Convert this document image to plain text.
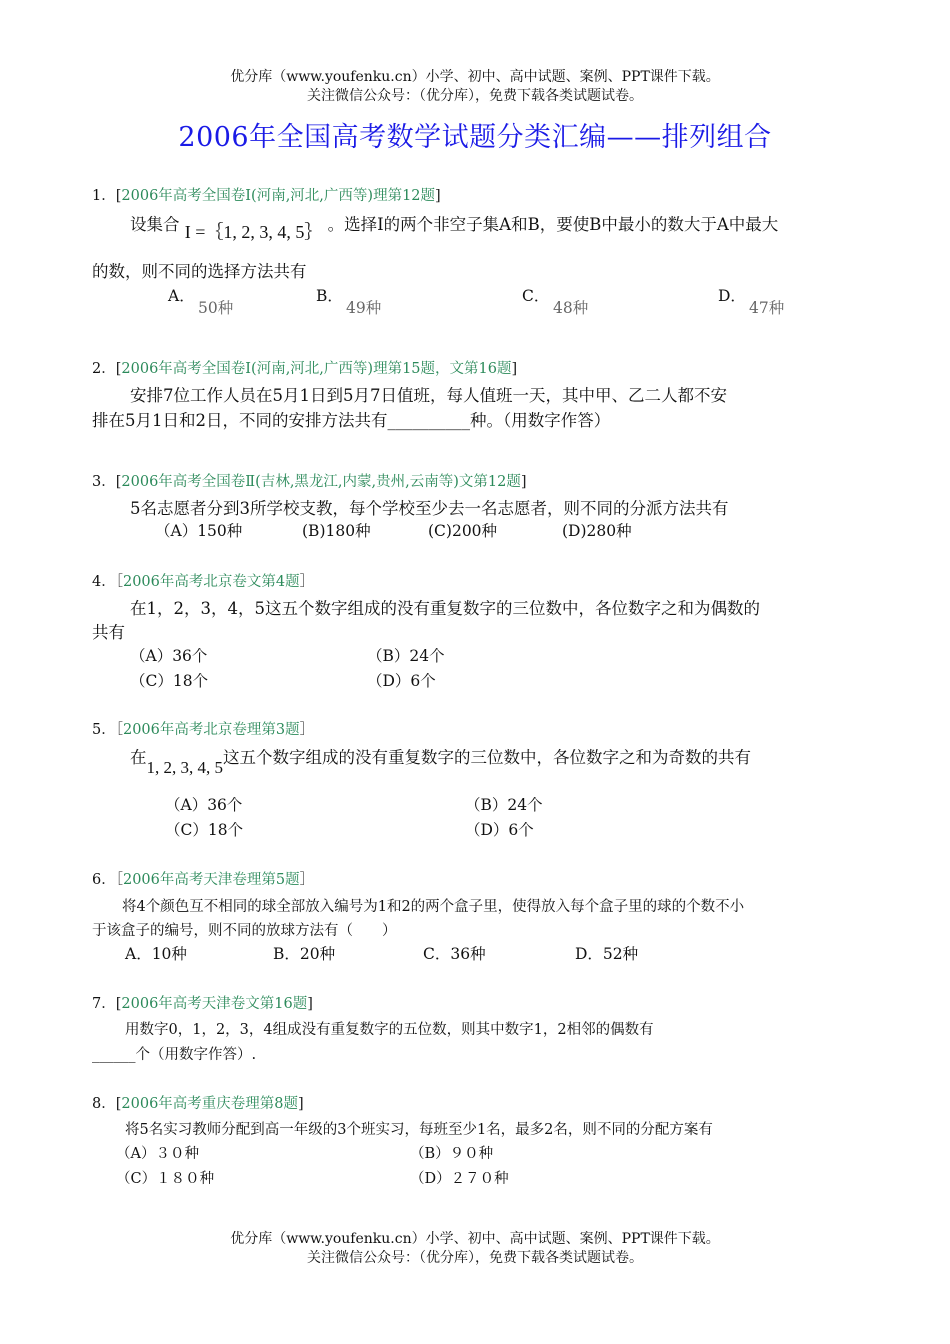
优分库（www.youfenku.cn）小学、初中、高中试题、案例、PPT课件下载。
关注微信公众号：（优分库），免费下载各类试题试卷。
2006年全国高考数学试题分类汇编——排列组合
1．[2006年高考全国卷Ⅰ(河南,河北,广西等)理第12题]
设集合 I =｛1, 2, 3, 4, 5｝ 。选择Ⅰ的两个非空子集A和B，要使B中最小的数大于A中最大
的数，则不同的选择方法共有
A．
50种
B．
49种
C．
48种
D．
47种
2．[2006年高考全国卷Ⅰ(河南,河北,广西等)理第15题，文第16题]
安排7位工作人员在5月1日到5月7日值班，每人值班一天，其中甲、乙二人都不安
排在5月1日和2日，不同的安排方法共有__________种。（用数字作答）
3．[2006年高考全国卷Ⅱ(吉林,黑龙江,内蒙,贵州,云南等)文第12题]
5名志愿者分到3所学校支教，每个学校至少去一名志愿者，则不同的分派方法共有
（A）150种	(B)180种	(C)200种	(D)280种
4．［2006年高考北京卷文第4题］
在1，2，3，4，5这五个数字组成的没有重复数字的三位数中，各位数字之和为偶数的
共有
（A）36个	（B）24个
（C）18个	（D）6个
5．［2006年高考北京卷理第3题］
在1, 2, 3, 4, 5这五个数字组成的没有重复数字的三位数中，各位数字之和为奇数的共有
（A）36个	（B）24个
（C）18个	（D）6个
6．［2006年高考天津卷理第5题］
将4个颜色互不相同的球全部放入编号为1和2的两个盒子里，使得放入每个盒子里的球的个数不小
于该盒子的编号，则不同的放球方法有（　　）
A．10种	B．20种	C．36种	D．52种
7．[2006年高考天津卷文第16题]
用数字0，1，2，3，4组成没有重复数字的五位数，则其中数字1，2相邻的偶数有
______个（用数字作答）.
8．[2006年高考重庆卷理第8题]
将5名实习教师分配到高一年级的3个班实习，每班至少1名，最多2名，则不同的分配方案有
（A）３０种	（B）９０种
（C）１８０种	（D）２７０种
优分库（www.youfenku.cn）小学、初中、高中试题、案例、PPT课件下载。
关注微信公众号：（优分库），免费下载各类试题试卷。
